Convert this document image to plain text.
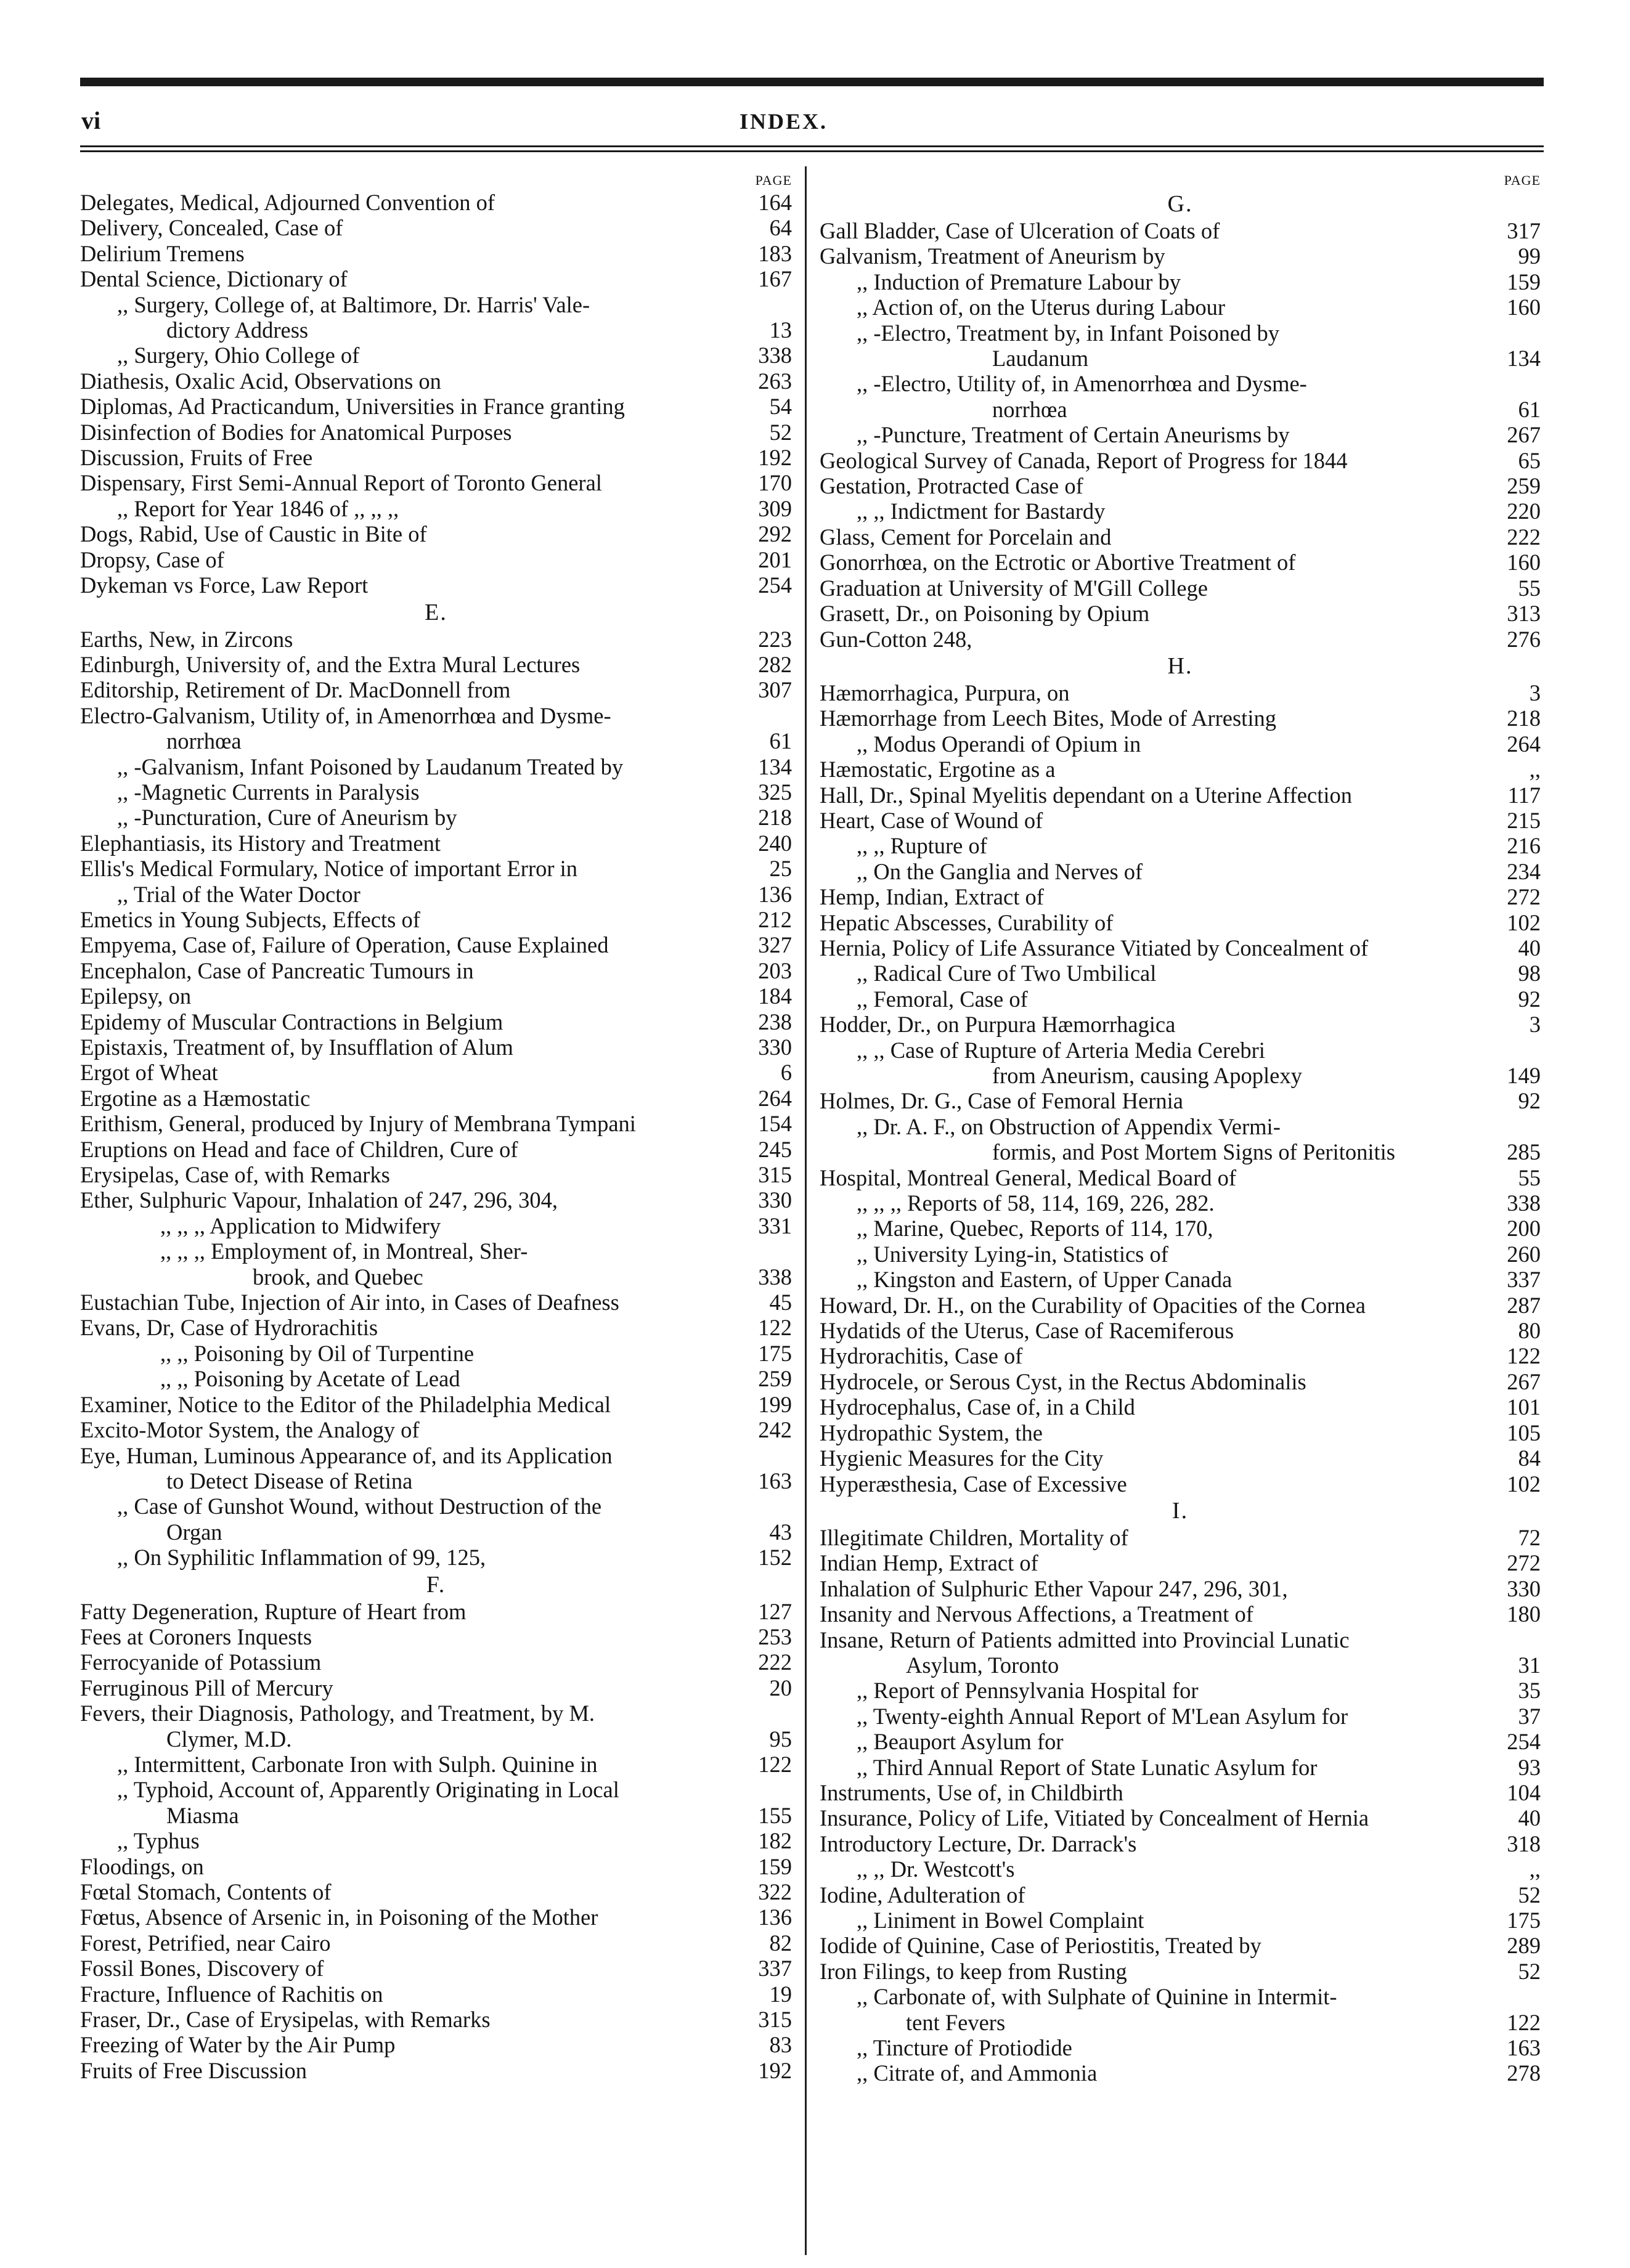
vi	INDEX.
PAGE
Delegates, Medical, Adjourned Convention of	164
Delivery, Concealed, Case of	64
Delirium Tremens	183
Dental Science, Dictionary of	167
,, Surgery, College of, at Baltimore, Dr. Harris' Vale-
dictory Address	13
,, Surgery, Ohio College of	338
Diathesis, Oxalic Acid, Observations on	263
Diplomas, Ad Practicandum, Universities in France granting	54
Disinfection of Bodies for Anatomical Purposes	52
Discussion, Fruits of Free	192
Dispensary, First Semi-Annual Report of Toronto General	170
,, Report for Year 1846 of ,, ,, ,,	309
Dogs, Rabid, Use of Caustic in Bite of	292
Dropsy, Case of	201
Dykeman vs Force, Law Report	254
E.
Earths, New, in Zircons	223
Edinburgh, University of, and the Extra Mural Lectures	282
Editorship, Retirement of Dr. MacDonnell from	307
Electro-Galvanism, Utility of, in Amenorrhœa and Dysme-
norrhœa	61
,, -Galvanism, Infant Poisoned by Laudanum Treated by	134
,, -Magnetic Currents in Paralysis	325
,, -Puncturation, Cure of Aneurism by	218
Elephantiasis, its History and Treatment	240
Ellis's Medical Formulary, Notice of important Error in	25
,, Trial of the Water Doctor	136
Emetics in Young Subjects, Effects of	212
Empyema, Case of, Failure of Operation, Cause Explained	327
Encephalon, Case of Pancreatic Tumours in	203
Epilepsy, on	184
Epidemy of Muscular Contractions in Belgium	238
Epistaxis, Treatment of, by Insufflation of Alum	330
Ergot of Wheat	6
Ergotine as a Hæmostatic	264
Erithism, General, produced by Injury of Membrana Tympani	154
Eruptions on Head and face of Children, Cure of	245
Erysipelas, Case of, with Remarks	315
Ether, Sulphuric Vapour, Inhalation of 247, 296, 304,	330
,, ,, ,, Application to Midwifery	331
,, ,, ,, Employment of, in Montreal, Sher-
brook, and Quebec	338
Eustachian Tube, Injection of Air into, in Cases of Deafness	45
Evans, Dr, Case of Hydrorachitis	122
,, ,, Poisoning by Oil of Turpentine	175
,, ,, Poisoning by Acetate of Lead	259
Examiner, Notice to the Editor of the Philadelphia Medical	199
Excito-Motor System, the Analogy of	242
Eye, Human, Luminous Appearance of, and its Application
to Detect Disease of Retina	163
,, Case of Gunshot Wound, without Destruction of the
Organ	43
,, On Syphilitic Inflammation of 99, 125,	152
F.
Fatty Degeneration, Rupture of Heart from	127
Fees at Coroners Inquests	253
Ferrocyanide of Potassium	222
Ferruginous Pill of Mercury	20
Fevers, their Diagnosis, Pathology, and Treatment, by M.
Clymer, M.D.	95
,, Intermittent, Carbonate Iron with Sulph. Quinine in	122
,, Typhoid, Account of, Apparently Originating in Local
Miasma	155
,, Typhus	182
Floodings, on	159
Fœtal Stomach, Contents of	322
Fœtus, Absence of Arsenic in, in Poisoning of the Mother	136
Forest, Petrified, near Cairo	82
Fossil Bones, Discovery of	337
Fracture, Influence of Rachitis on	19
Fraser, Dr., Case of Erysipelas, with Remarks	315
Freezing of Water by the Air Pump	83
Fruits of Free Discussion	192
PAGE
G.
Gall Bladder, Case of Ulceration of Coats of	317
Galvanism, Treatment of Aneurism by	99
,, Induction of Premature Labour by	159
,, Action of, on the Uterus during Labour	160
,, -Electro, Treatment by, in Infant Poisoned by
Laudanum	134
,, -Electro, Utility of, in Amenorrhœa and Dysme-
norrhœa	61
,, -Puncture, Treatment of Certain Aneurisms by	267
Geological Survey of Canada, Report of Progress for 1844	65
Gestation, Protracted Case of	259
,, ,, Indictment for Bastardy	220
Glass, Cement for Porcelain and	222
Gonorrhœa, on the Ectrotic or Abortive Treatment of	160
Graduation at University of M'Gill College	55
Grasett, Dr., on Poisoning by Opium	313
Gun-Cotton 248,	276
H.
Hæmorrhagica, Purpura, on	3
Hæmorrhage from Leech Bites, Mode of Arresting	218
,, Modus Operandi of Opium in	264
Hæmostatic, Ergotine as a	,,
Hall, Dr., Spinal Myelitis dependant on a Uterine Affection	117
Heart, Case of Wound of	215
,, ,, Rupture of	216
,, On the Ganglia and Nerves of	234
Hemp, Indian, Extract of	272
Hepatic Abscesses, Curability of	102
Hernia, Policy of Life Assurance Vitiated by Concealment of	40
,, Radical Cure of Two Umbilical	98
,, Femoral, Case of	92
Hodder, Dr., on Purpura Hæmorrhagica	3
,, ,, Case of Rupture of Arteria Media Cerebri
from Aneurism, causing Apoplexy	149
Holmes, Dr. G., Case of Femoral Hernia	92
,, Dr. A. F., on Obstruction of Appendix Vermi-
formis, and Post Mortem Signs of Peritonitis	285
Hospital, Montreal General, Medical Board of	55
,, ,, ,, Reports of 58, 114, 169, 226, 282.	338
,, Marine, Quebec, Reports of 114, 170,	200
,, University Lying-in, Statistics of	260
,, Kingston and Eastern, of Upper Canada	337
Howard, Dr. H., on the Curability of Opacities of the Cornea	287
Hydatids of the Uterus, Case of Racemiferous	80
Hydrorachitis, Case of	122
Hydrocele, or Serous Cyst, in the Rectus Abdominalis	267
Hydrocephalus, Case of, in a Child	101
Hydropathic System, the	105
Hygienic Measures for the City	84
Hyperæsthesia, Case of Excessive	102
I.
Illegitimate Children, Mortality of	72
Indian Hemp, Extract of	272
Inhalation of Sulphuric Ether Vapour 247, 296, 301,	330
Insanity and Nervous Affections, a Treatment of	180
Insane, Return of Patients admitted into Provincial Lunatic
Asylum, Toronto	31
,, Report of Pennsylvania Hospital for	35
,, Twenty-eighth Annual Report of M'Lean Asylum for	37
,, Beauport Asylum for	254
,, Third Annual Report of State Lunatic Asylum for	93
Instruments, Use of, in Childbirth	104
Insurance, Policy of Life, Vitiated by Concealment of Hernia	40
Introductory Lecture, Dr. Darrack's	318
,, ,, Dr. Westcott's	,,
Iodine, Adulteration of	52
,, Liniment in Bowel Complaint	175
Iodide of Quinine, Case of Periostitis, Treated by	289
Iron Filings, to keep from Rusting	52
,, Carbonate of, with Sulphate of Quinine in Intermit-
tent Fevers	122
,, Tincture of Protiodide	163
,, Citrate of, and Ammonia	278
